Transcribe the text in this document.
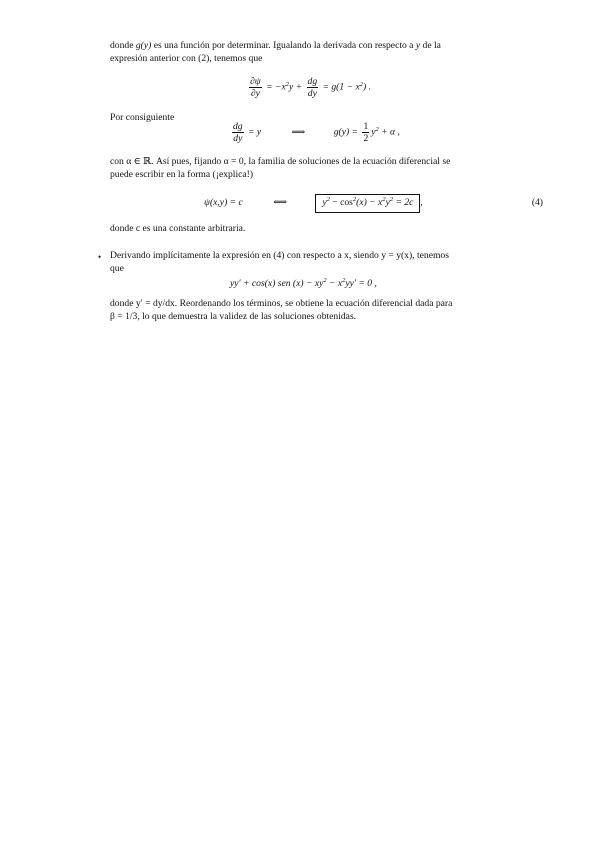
donde g(y) es una función por determinar. Igualando la derivada con respecto a y de la
expresión anterior con (2), tenemos que
$\frac{\partial\psi}{\partial y} = -x^2y + \frac{dg}{dy} = g(1 - x^2)$ .
Por consiguiente
$\frac{dg}{dy} = y$	⟹	$g(y) = \frac{1}{2} y^2 + \alpha$ ,
con α ∈ ℝ. Así pues, fijando α = 0, la familia de soluciones de la ecuación diferencial se
puede escribir en la forma (¡explica!)
ψ(x,y) = c	⟺	$y^2 - \cos^2(x) - x^2y^2 = 2c$ ,	(4)
donde c es una constante arbitraria.
• Derivando implícitamente la expresión en (4) con respecto a x, siendo y = y(x), tenemos
que
yy′ + cos(x) sen $(x) - xy^2 - x^2yy' = 0$ ,
donde y′ = dy/dx. Reordenando los términos, se obtiene la ecuación diferencial dada para
β = 1/3, lo que demuestra la validez de las soluciones obtenidas.
